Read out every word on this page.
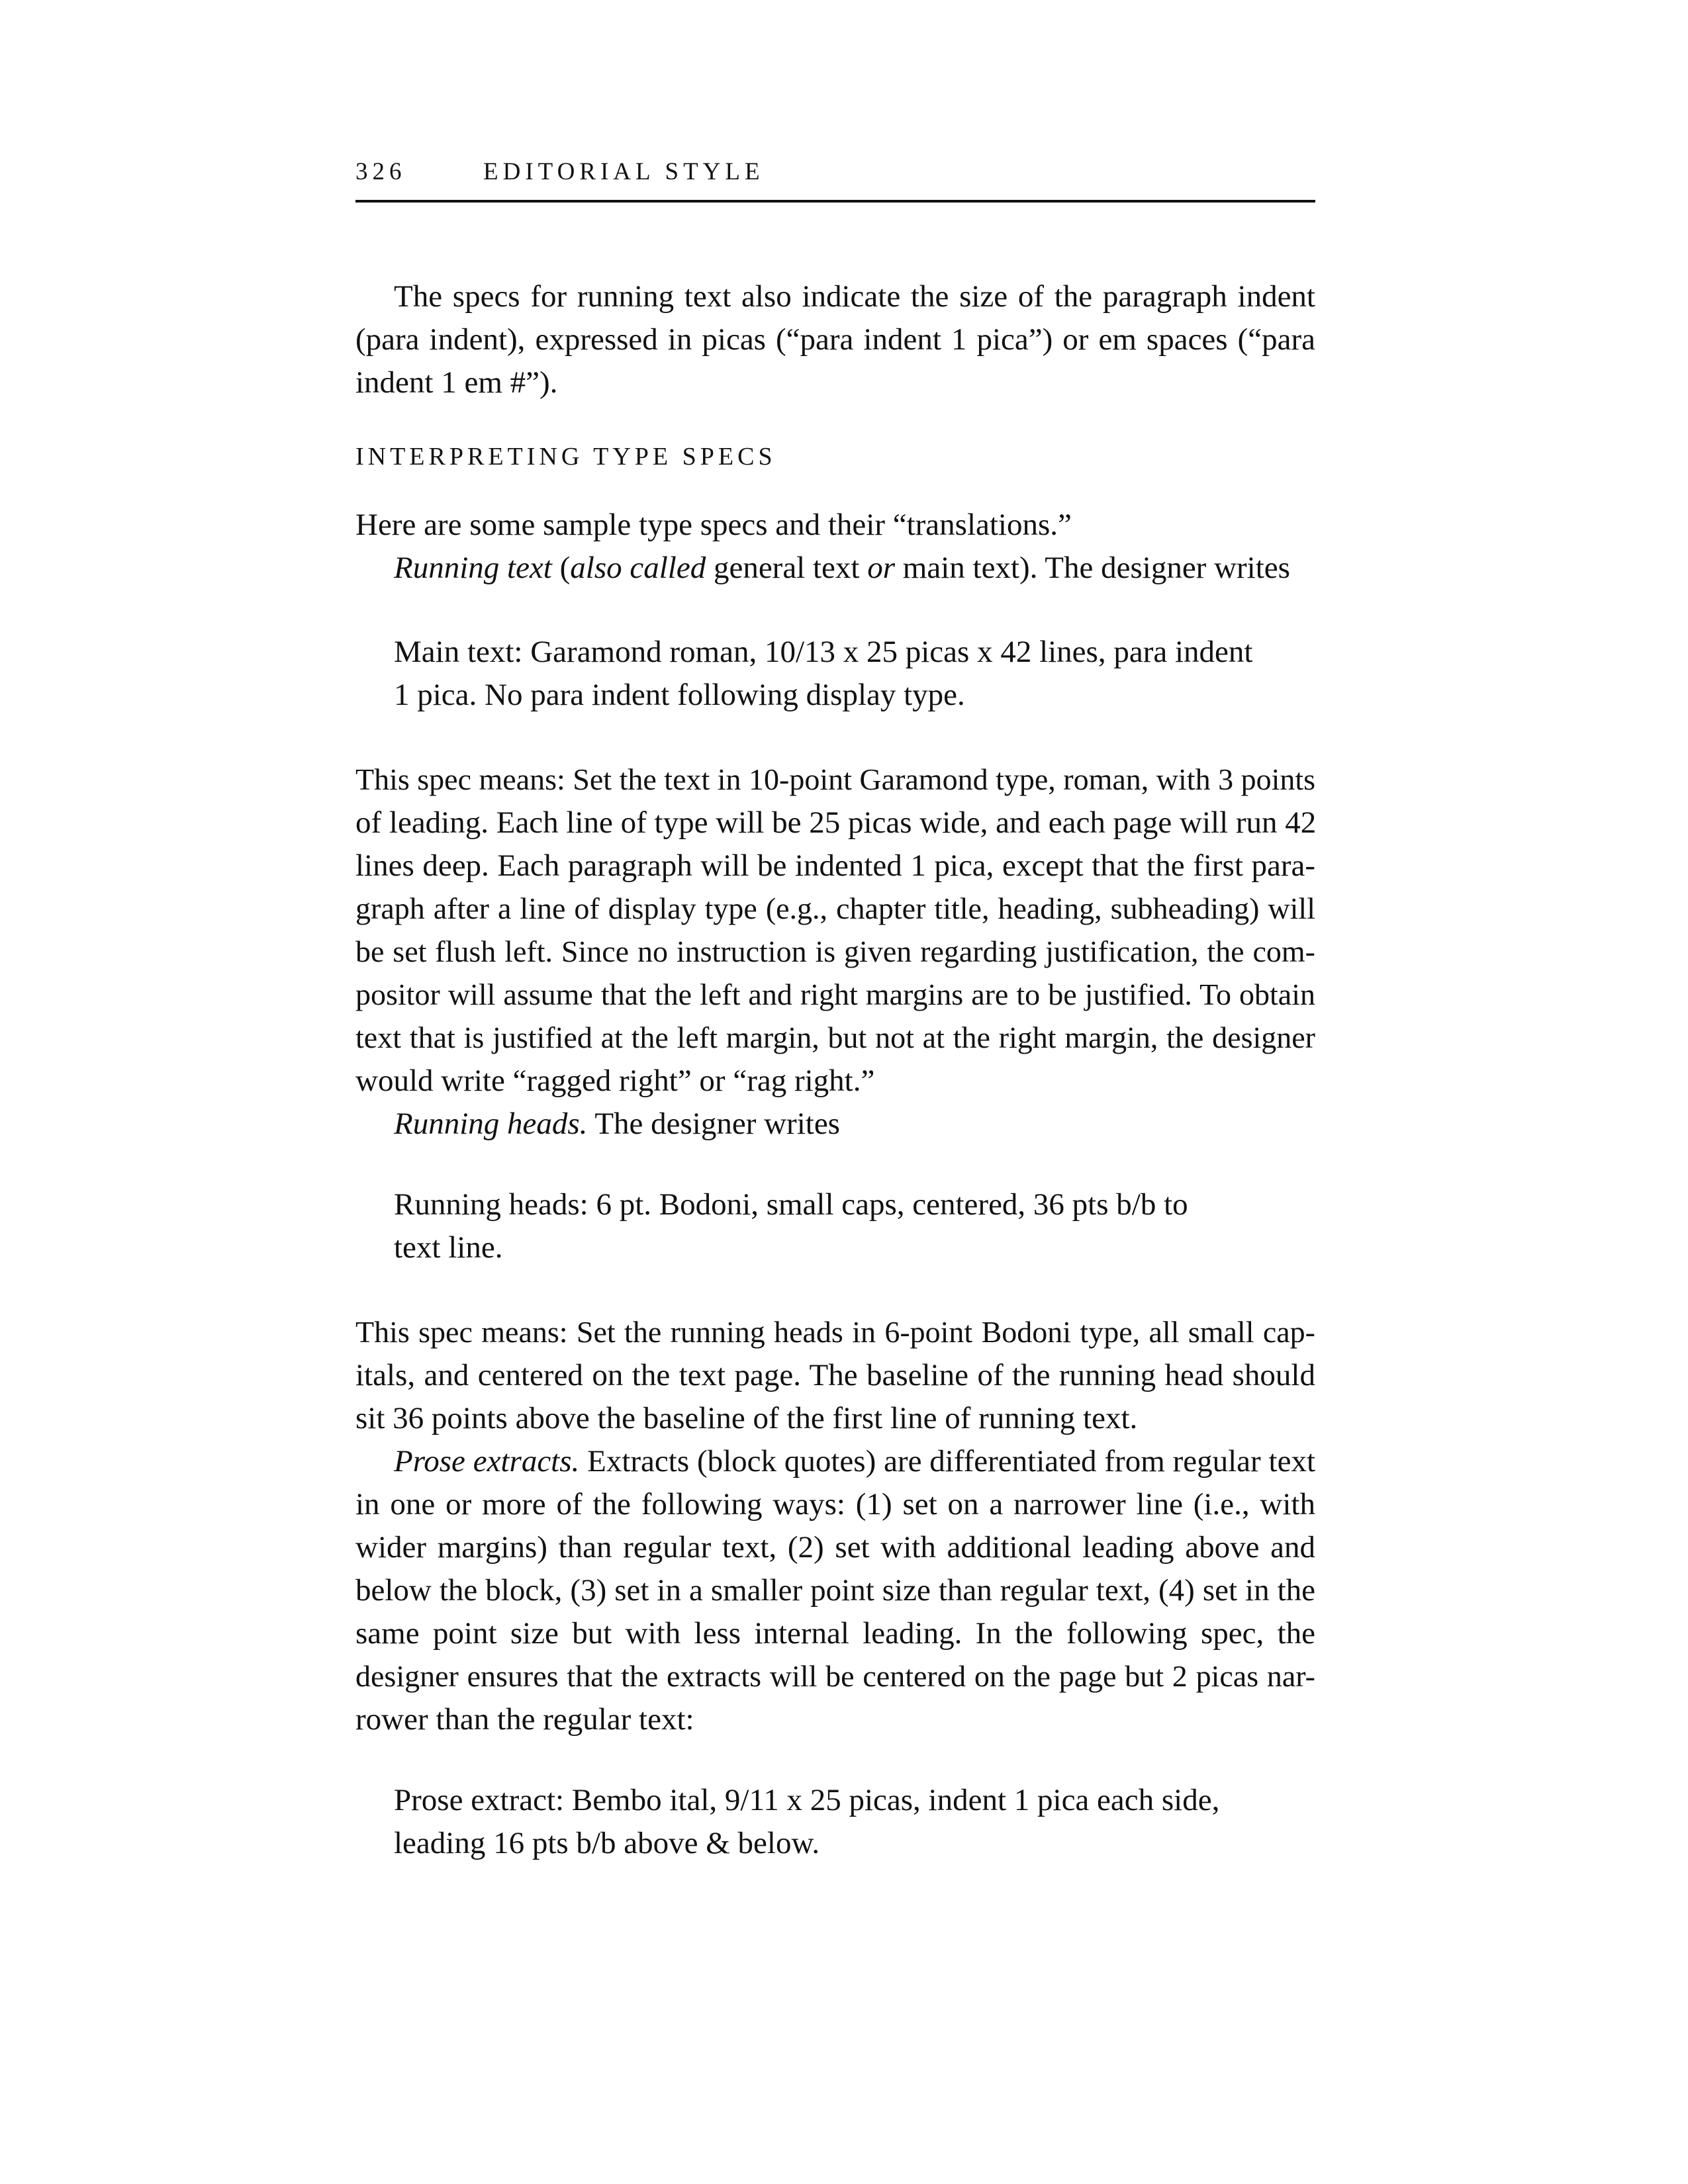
326	EDITORIAL STYLE
The specs for running text also indicate the size of the paragraph indent
(para indent), expressed in picas (“para indent 1 pica”) or em spaces (“para
indent 1 em #”).
INTERPRETING TYPE SPECS
Here are some sample type specs and their “translations.”
Running text (also called general text or main text). The designer writes
Main text: Garamond roman, 10/13 x 25 picas x 42 lines, para indent
1 pica. No para indent following display type.
This spec means: Set the text in 10-point Garamond type, roman, with 3 points
of leading. Each line of type will be 25 picas wide, and each page will run 42
lines deep. Each paragraph will be indented 1 pica, except that the first para-
graph after a line of display type (e.g., chapter title, heading, subheading) will
be set flush left. Since no instruction is given regarding justification, the com-
positor will assume that the left and right margins are to be justified. To obtain
text that is justified at the left margin, but not at the right margin, the designer
would write “ragged right” or “rag right.”
Running heads. The designer writes
Running heads: 6 pt. Bodoni, small caps, centered, 36 pts b/b to
text line.
This spec means: Set the running heads in 6-point Bodoni type, all small cap-
itals, and centered on the text page. The baseline of the running head should
sit 36 points above the baseline of the first line of running text.
Prose extracts. Extracts (block quotes) are differentiated from regular text
in one or more of the following ways: (1) set on a narrower line (i.e., with
wider margins) than regular text, (2) set with additional leading above and
below the block, (3) set in a smaller point size than regular text, (4) set in the
same point size but with less internal leading. In the following spec, the
designer ensures that the extracts will be centered on the page but 2 picas nar-
rower than the regular text:
Prose extract: Bembo ital, 9/11 x 25 picas, indent 1 pica each side,
leading 16 pts b/b above & below.
